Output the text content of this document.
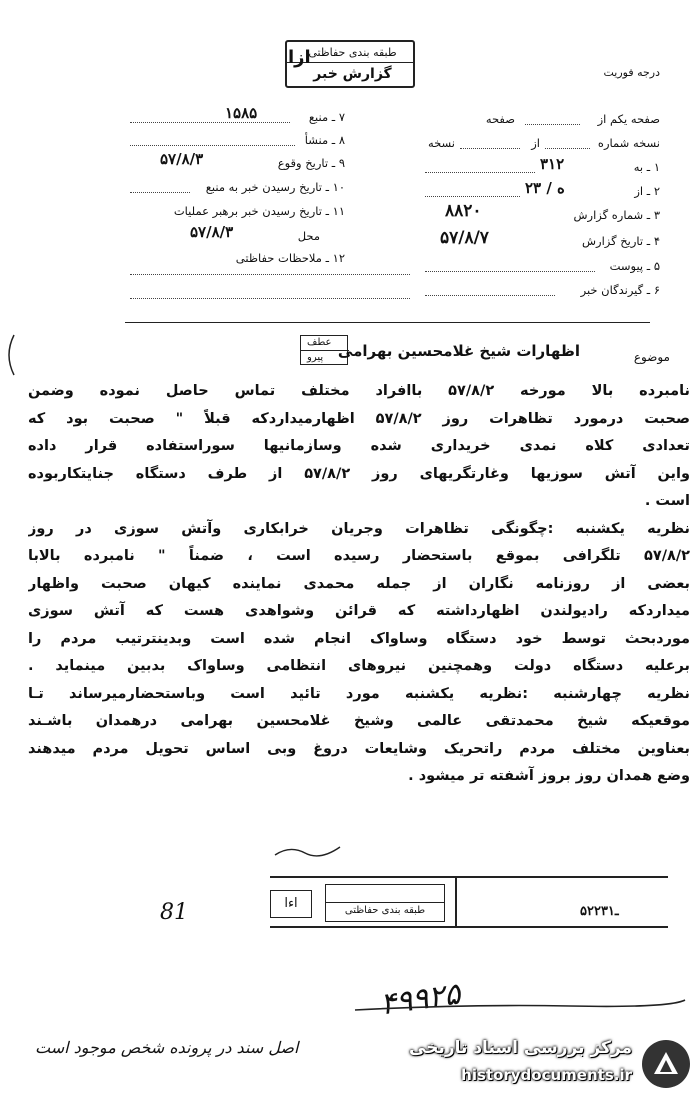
طبقه بندی حفاظتی
گزارش خبر
ازا
درجه فوریت
صفحه یکم از
صفحه
نسخه شماره
از
نسخه
۱ ـ به
۳۱۲
۲ ـ از
۲۳ / ه
۳ ـ شماره گزارش
۸۸۲۰
۴ ـ تاریخ گزارش
۵۷/۸/۷
۵ ـ پیوست
۶ ـ گیرندگان خبر
۷ ـ منبع
۱۵۸۵
۸ ـ منشأ
۹ ـ تاریخ وقوع
۵۷/۸/۳
۱۰ ـ تاریخ رسیدن خبر به منبع
۱۱ ـ تاریخ رسیدن خبر برهبر عملیات
محل
۵۷/۸/۳
۱۲ ـ ملاحظات حفاظتی
موضوع
عطف
پیرو اظهارات شیخ غلامحسین بهرامی
نامبرده بالا مورخه ۵۷/۸/۲ باافراد مختلف تماس حاصل نموده وضمن
صحبت درمورد تظاهرات روز ۵۷/۸/۲ اظهارمیداردکه قبلاً " صحبت بود که
تعدادی کلاه نمدی خریداری شده وسازمانیها سوراستفاده قرار داده
واین آتش سوزیها وغارتگریهای روز ۵۷/۸/۲ از طرف دستگاه جنایتکاربوده
است .
نظریه یکشنبه :چگونگی تظاهرات وجریان خرابکاری وآتش سوزی در روز
۵۷/۸/۲ تلگرافی بموقع باستحضار رسیده است ، ضمناً " نامبرده بالابا
بعضی از روزنامه نگاران از جمله محمدی نماینده کیهان صحبت واظهار
میداردکه رادیولندن اظهارداشته که قرائن وشواهدی هست که آتش سوزی
موردبحث توسط خود دستگاه وساواک انجام شده است وبدینترتیب مردم را
برعلیه دستگاه دولت وهمچنین نیروهای انتظامی وساواک بدبین مینماید .
نظریه چهارشنبه :نظریه یکشنبه مورد تائید است وباستحضارمیرساند تـا
موقعیکه شیخ محمدتقی عالمی وشیخ غلامحسین بهرامی درهمدان باشـند
بعناوین مختلف مردم راتحریک وشایعات دروغ وبی اساس تحویل مردم میدهند
وضع همدان روز بروز آشفته تر میشود .
طبقه بندی حفاظتی
اءا
۵۲ـ۲۳۱
81
۴۹۹۲۵
اصل سند در پرونده شخص موجود است	مرکز بررسی اسناد تاریخی
historydocuments.ir
